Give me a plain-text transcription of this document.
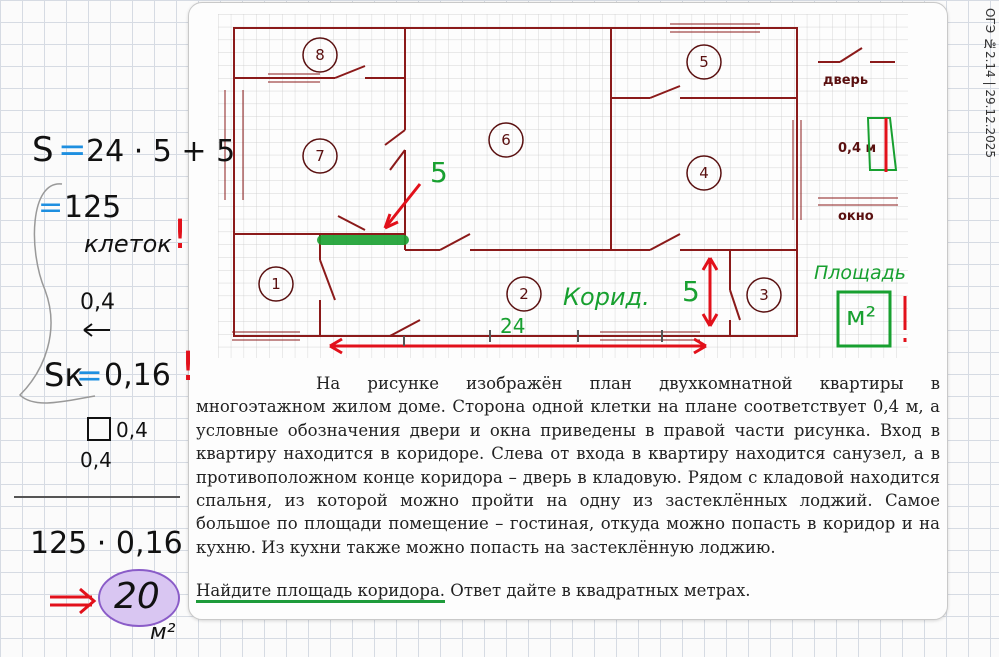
8
7
6
5
4
1
2	3
дверь
0,4 м
окно
5
5
Корид.
24
Площадь
м²

На рисунке изображён план двухкомнатной квартиры в многоэтажном жилом доме. Сторона одной клетки на плане соответствует 0,4 м, а условные обозначения двери и окна приведены в правой части рисунка. Вход в квартиру находится в коридоре. Слева от входа в квартиру находится санузел, а в противоположном конце коридора – дверь в кладовую. Рядом с кладовой находится спальня, из которой можно пройти на одну из застеклённых лоджий. Самое большое по площади помещение – гостиная, откуда можно попасть в коридор и на кухню. Из кухни также можно попасть на застеклённую лоджию.

Найдите площадь коридора. Ответ дайте в квадратных метрах.
ОГЭ №2.14 | 29.12.2025
S = 24 · 5 + 5
= 125
!
клеток
0,4
Sк
= 0,16 !
0,4
0,4
125 · 0,16
20
м²
